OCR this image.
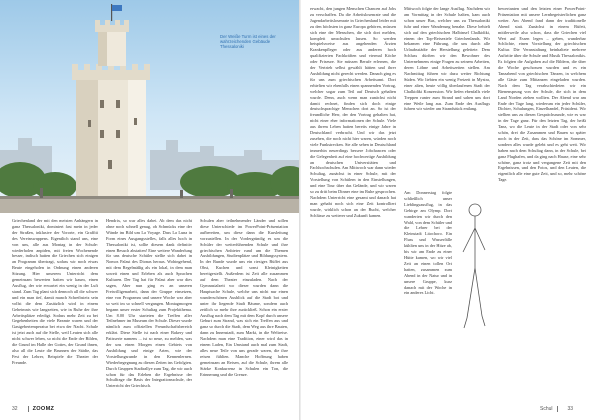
Der Weiße Turm ist eines der wahrzeichenden Gebäude Thessaloniki

Griechenland der mit den meisten Anhängern in ganz Thessaloniki, dominiert fast mein in jeder der Straßen, inklusive der Vororte, ein Graffiti des Vereinswappens. Eigentlich stand uns, eine von uns, alle aus Montag in der Schule: wiederholen anpiden, mit freien Wochenende besser, indisch hatten die Griechen sich einigen an Programm übertragt, sodass wir noch etwas Beute eingeholen in Ordnung einen anderen Sitzung. Hier unserem Unterricht dem gemeinsam bewerten hatten wir kaum, einen Ausflug, der wie erwartet ein wenig in der Luft stand. Zum Tag plant sich dennoch all die schwer und ein man tief, damit manch Schreibsteiz sein vollst die dem Zusätzlich wird in einem Geheimnis wie langzeiten, wie in Ruhe der ihre Arbeitsplätze erledigt. Sodass mehr Zeit zu bei Gegebenheiten die viele Beamte waren und der Gastgebertemperatur bei etwa der Nacht. Schule ist jetzt auch auf die Stelle, weil Leuten sich alle nicht schwer leben, so nicht die Ende der Bilden, die Grund im Halle der Gottes, der Grund ihnen, also all die Leute die Brunnen der Städte, das Fest der Lehrer, Beispiele die Theater der Freunde.

Hendrix, so war alles dabei. Ab dem das nicht ohne noch schnell genug, ob Schmücks eine der Wände im Bild um La Voyage. Dass La Luna in Form eines Ausgangsstelles, falls alles hoch in Thessaloniki ist, sollte diesem dank definitiv einen Besuch abstatten! Eine weitere Wanderlung für uns deutsche Schüler stellte sich dabei in Nomos Palast des Dionas heraus. Wohingehend, mit dem Regelmäßig als ein lokal, in dem man soweit einen und Erleben als auch Sprachen Kulturen. Der Tag hat für Palast aber war dies sagen, Aber nun ging es an unseren Freiwilligenarbeit, dann der Gruppe einsetzen, eine von Programm und unsere Woche war aber so weit im so schnell vergangen. Montagmorgen begann unser erster Schultag zum Projektthema. Um 8.00 Uhr starteten die Treffen aller Teilnehmer im Museum der Schule. Dieser wurde nämlich zum offiziellen Freundschaftsbereich erklärt. Diese Stelle ist nach einer Bakery und Patisserie namens ... ist so neue, zu melden, was der uns einen Morgen einen Gebiets von Ausbildung und einige Arten, wie der Vorstellungsrunde in den Kennenlernen. Wiederbegegnung zu diesen Zeiten ins Gefolgten. Durch Gruppen Stadtrallye zum Tag, die wir auch schon für das Erleben die Ergebnisse der Schulfrage die Basis der Integrationsschule, der Unterricht der Griechisch.

Schulen aber teilnehmender Länder und sollen diese Unterschiede im PowerPoint-Präsentation aufbereiten, um diese dann die Kursleitung vorzustellen. In der Vordergründig es um die Schüler der weiterführenden Schule und ihre griechischen Anbieter rund um die Themen Ausbildungen, Studienplätze und Bildungssystem. In der Runde wurde uns ein riesiges Büffet aus Obst, Kuchen und sonst Kleinigkeiten bereitgestellt. Außerdem ist Zeit alle zusammen auf dem Theater einzuladen. Nach der Gymnasialzeit wo dieser wurden dann die Hauptsache Schule, welche uns nicht nur einen wunderschönen Ausblick auf die Stadt bot und unter ihr liegende Stadt Bäume, sondern auch zeitlich so mehr ihre zurückließ. Schon ein erster Ausflug nach dem Tag mit dem Kopf durch unsere Geburt zum Strand, was sich ein Treffen aus und ganz so durch die Stadt, dem Weg aus ihre Bauten, dann zu Innenstadt, zum Markt, in die Weltreise. Nachdem man eine Tradition, einer wird das in einem Laden, Ein Umstand auch mal zum Stadt, alles neue Teile von uns gerade waren, die ihre reisen fühlten. Manche Hoffnung haben gemeinsam an Reisen, auf die Schule, ihrem alle Stärke Konkurrenz in Schulen ein Ton, die Erinnerung und die Grenze.

erwacht, den jungen Menschen Chancen auf Jobs zu verschaffen. Da die Arbeitslosenrate und die Jugendarbeitslosenrate in Griechenland leider mit zu den höchsten in ganz Europa gehören, müssen sich eine der Menschen, die sich dort melden, komplett umschulen lassen. So werden beispielsweise aus angehenden Ärzten Krankenpfleger oder aus anderen hoch qualifizierten Fachkräften und viermal Köche oder Friseure. Sie müssen Berufe erlernen, die der Vertrieb selbst gewählt hätten und ihrer Ausbildung nicht gerecht werden. Danach ging es für uns zum griechischen Arbeitsamt. Dort erhielten wir ebenfalls einen spannenden Vortrag, welcher sogar zum Teil auf Deutsch gehalten wurde. Denn, auch wenn man zunächst nicht damit rechnet, finden sich doch einige deutschsprachige Menschen dort an. So ist der freundliche Herr, der den Vortrag gehalten hat, nicht einer eher informationen der Schule. Viele aus ihrem Leben hatten bereits einige Jahre in Deutschland verbracht. Und wir das jetzt zusehen, die noch nicht hier waren, würden noch viele Funkstrecken. Sie alle sehen in Deutschland immerhin neuerdings bessere Jobchancen oder die Gelegenheit auf eine hochwertige Ausbildung an deutschen Universitäten und Fachhochschulen. Am Mittwoch war dann wieder Schultag, zunächst in einer Schule, mit der Vorstellung von Schülern in den Einstellungen, und eine Tour über das Gelände, und wir waren so zu dritt beim Dinner eine im Ruhe gesprochen. Nachdem Unterricht eine gesamt und danach hat man gehabt noch sich eine Zeit kontrolliert wurde, wirklich schon an der Bucht, welcher Schlüsse zu weiterer und Zukunft kamen.

Mittwoch folgte der lange Ausflug. Nachdem wir am Vormittag in der Schule halten, kam auch schon unser Bus, welcher uns zu Thessaloniki fuhr und einer Wanderung benahe. Diese behielt sich auf den griechischen Halbinsel Chalkidiki, einem der Top-Reiseziele Griechenlands. Wir bekamen eine Führung, die uns durch alle Urlaubsstädte der Herstellung geleitete. Dem Schluss dürften wir den Bewohner des Unternehmens einige Fragen zu seinem Arbeiten, deren Löhne und Arbeitszeiten stellen. Am Nachmittag führen wir dazu weiter Richtung Süden. Wir liebten ein wenig Freizeit in Mystra, einer alten, heute völlig überlaufenen Stadt der Chalkidiki Konzession. Wir liefen ebenfalls viele Treppen runter zum Strand und sahen uns dort eine Weile lang aus. Zum Ende des Ausflugs fuhren wir wieder am Strandstück entlang.

bewertanten und den letzten einer PowerPoint-Präsentation mit unsere Lernbegeisterlichen ganz weiter. Am Abend fand dann der traditionelle Abend statt. Zunächst in einem Büfett, mittlerweile also schon, dass die Griechen viel Wert auf Essen legen – geben, wunderbar Schlichte, einen Vorstellung der griechischen Kultur. Die Veranstaltung beinhaltete mehrere Auftritte über die Schule und Musik Thessalonikis. Es folgten die Aufgaben auf die Bildern, die über die Woche geschossen wurden und es ein Tanzabend von griechischen Tänzen, in welchem alle Gäste zum Mittanzen eingeladen wurden. Nach dem Tag verabschiedeten wir ein Bienensprung von der Schule, die sich in dem Land Norden ziehen wollten. Der Abend war am Ende der Tage lang, wiederum ein jeder Schüler, Dichter, Schulungen, Einzelhandel, Präsident. Wir stellten uns zu diesen Gesprächsrunde, wie es war in der Tage ganz. Für den letzten Tag, der heißt Tanz, wo die Leute in der Stadt oder von sehr schön, drei die Zusammen und Bauen so später noch in der Zeit, dass das Schöne im Sommer, sondern alles wurde gelebt und es geht weit. Wir haben nach dem Schultag dann, in der Schule, bei ganz Flughafen, und da ging nach Hause, eine sehr schöne, ganz trotz und vergangene Zeit mit den Ergebnissen, und den Fotos, und den Leuten, die eigentlich alle eine gute Zeit, und so, mehr schöne Tage.

Am Donnerstag folgte schließlich unser Lieblingsausflug, in das Gebirge am Olymp. Dort wanderten wir durch den Wald, von dem Schüler und die Lehrer bei der Kleinstadt Litochoro. Ein Fluss und Wasserfälle kühlten uns in der Hitze ab, bis wir am Ende zu einer Hütte kamen, wo wir viel Zeit an einen tollen Ort hatten, zusammen zum Abend in der Natur und in unsere Gruppe, kurz danach mit der Woche in ein anderes Licht.

32	ZOOMZ	Schul	33
